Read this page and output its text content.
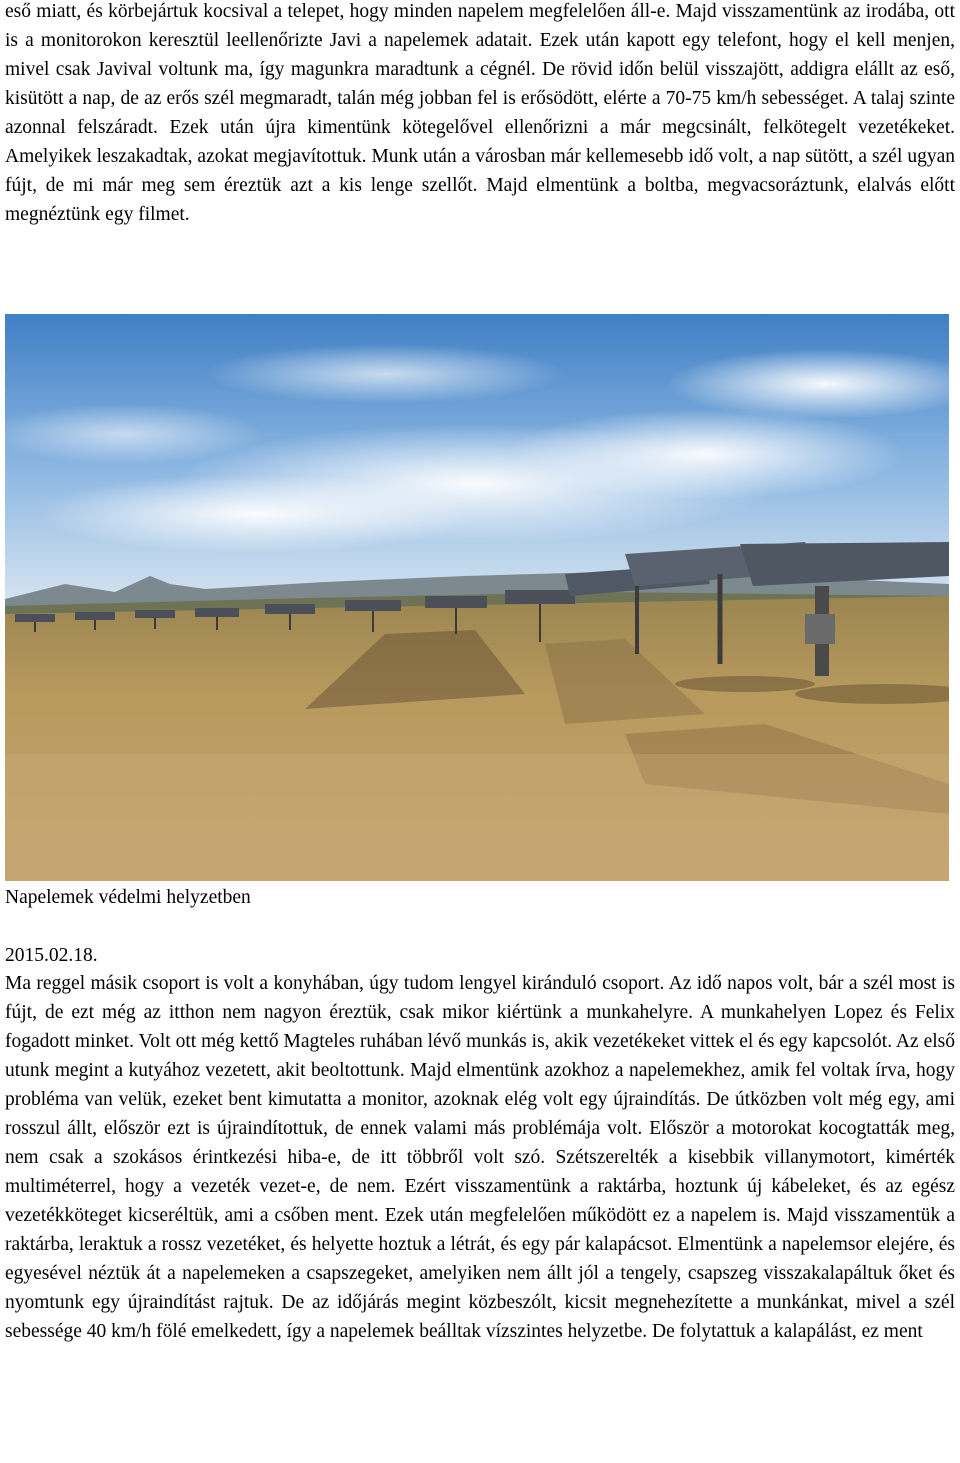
eső miatt, és körbejártuk kocsival a telepet, hogy minden napelem megfelelően áll-e. Majd visszamentünk az irodába, ott is a monitorokon keresztül leellenőrizte Javi a napelemek adatait. Ezek után kapott egy telefont, hogy el kell menjen, mivel csak Javival voltunk ma, így magunkra maradtunk a cégnél. De rövid időn belül visszajött, addigra elállt az eső, kisütött a nap, de az erős szél megmaradt, talán még jobban fel is erősödött, elérte a 70-75 km/h sebességet. A talaj szinte azonnal felszáradt. Ezek után újra kimentünk kötegelővel ellenőrizni a már megcsinált, felkötegelt vezetékeket. Amelyikek leszakadtak, azokat megjavítottuk. Munk után a városban már kellemesebb idő volt, a nap sütött, a szél ugyan fújt, de mi már meg sem éreztük azt a kis lenge szellőt. Majd elmentünk a boltba, megvacsoráztunk, elalvás előtt megnéztünk egy filmet.

Napelemek védelmi helyzetben

2015.02.18.

Ma reggel másik csoport is volt a konyhában, úgy tudom lengyel kiránduló csoport. Az idő napos volt, bár a szél most is fújt, de ezt még az itthon nem nagyon éreztük, csak mikor kiértünk a munkahelyre. A munkahelyen Lopez és Felix fogadott minket. Volt ott még kettő Magteles ruhában lévő munkás is, akik vezetékeket vittek el és egy kapcsolót. Az első utunk megint a kutyához vezetett, akit beoltottunk. Majd elmentünk azokhoz a napelemekhez, amik fel voltak írva, hogy probléma van velük, ezeket bent kimutatta a monitor, azoknak elég volt egy újraindítás. De útközben volt még egy, ami rosszul állt, először ezt is újraindítottuk, de ennek valami más problémája volt. Először a motorokat kocogtatták meg, nem csak a szokásos érintkezési hiba-e, de itt többről volt szó. Szétszerelték a kisebbik villanymotort, kimérték multiméterrel, hogy a vezeték vezet-e, de nem. Ezért visszamentünk a raktárba, hoztunk új kábeleket, és az egész vezetékköteget kicseréltük, ami a csőben ment. Ezek után megfelelően működött ez a napelem is. Majd visszamentük a raktárba, leraktuk a rossz vezetéket, és helyette hoztuk a létrát, és egy pár kalapácsot. Elmentünk a napelemsor elejére, és egyesével néztük át a napelemeken a csapszegeket, amelyiken nem állt jól a tengely, csapszeg visszakalapáltuk őket és nyomtunk egy újraindítást rajtuk. De az időjárás megint közbeszólt, kicsit megnehezítette a munkánkat, mivel a szél sebessége 40 km/h fölé emelkedett, így a napelemek beálltak vízszintes helyzetbe. De folytattuk a kalapálást, ez ment
